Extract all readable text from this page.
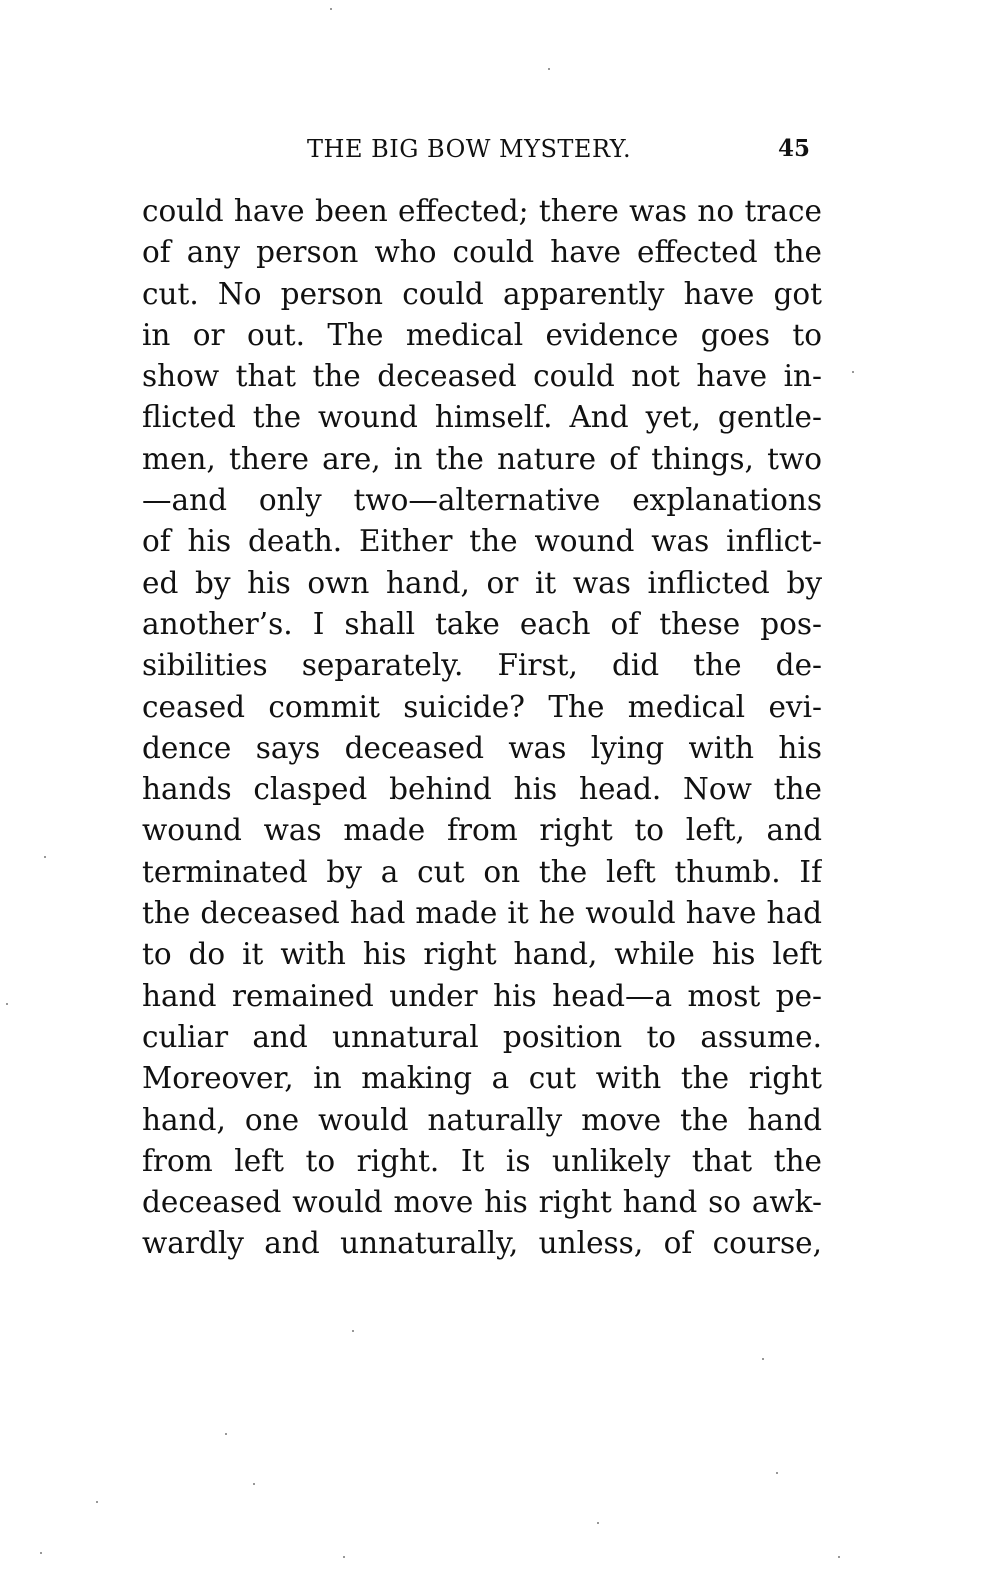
THE BIG BOW MYSTERY.	45
could have been effected; there was no trace
of any person who could have effected the
cut. No person could apparently have got
in or out. The medical evidence goes to
show that the deceased could not have in-
flicted the wound himself. And yet, gentle-
men, there are, in the nature of things, two
—and only two—alternative explanations
of his death. Either the wound was inflict-
ed by his own hand, or it was inflicted by
another’s. I shall take each of these pos-
sibilities separately. First, did the de-
ceased commit suicide? The medical evi-
dence says deceased was lying with his
hands clasped behind his head. Now the
wound was made from right to left, and
terminated by a cut on the left thumb. If
the deceased had made it he would have had
to do it with his right hand, while his left
hand remained under his head—a most pe-
culiar and unnatural position to assume.
Moreover, in making a cut with the right
hand, one would naturally move the hand
from left to right. It is unlikely that the
deceased would move his right hand so awk-
wardly and unnaturally, unless, of course,
